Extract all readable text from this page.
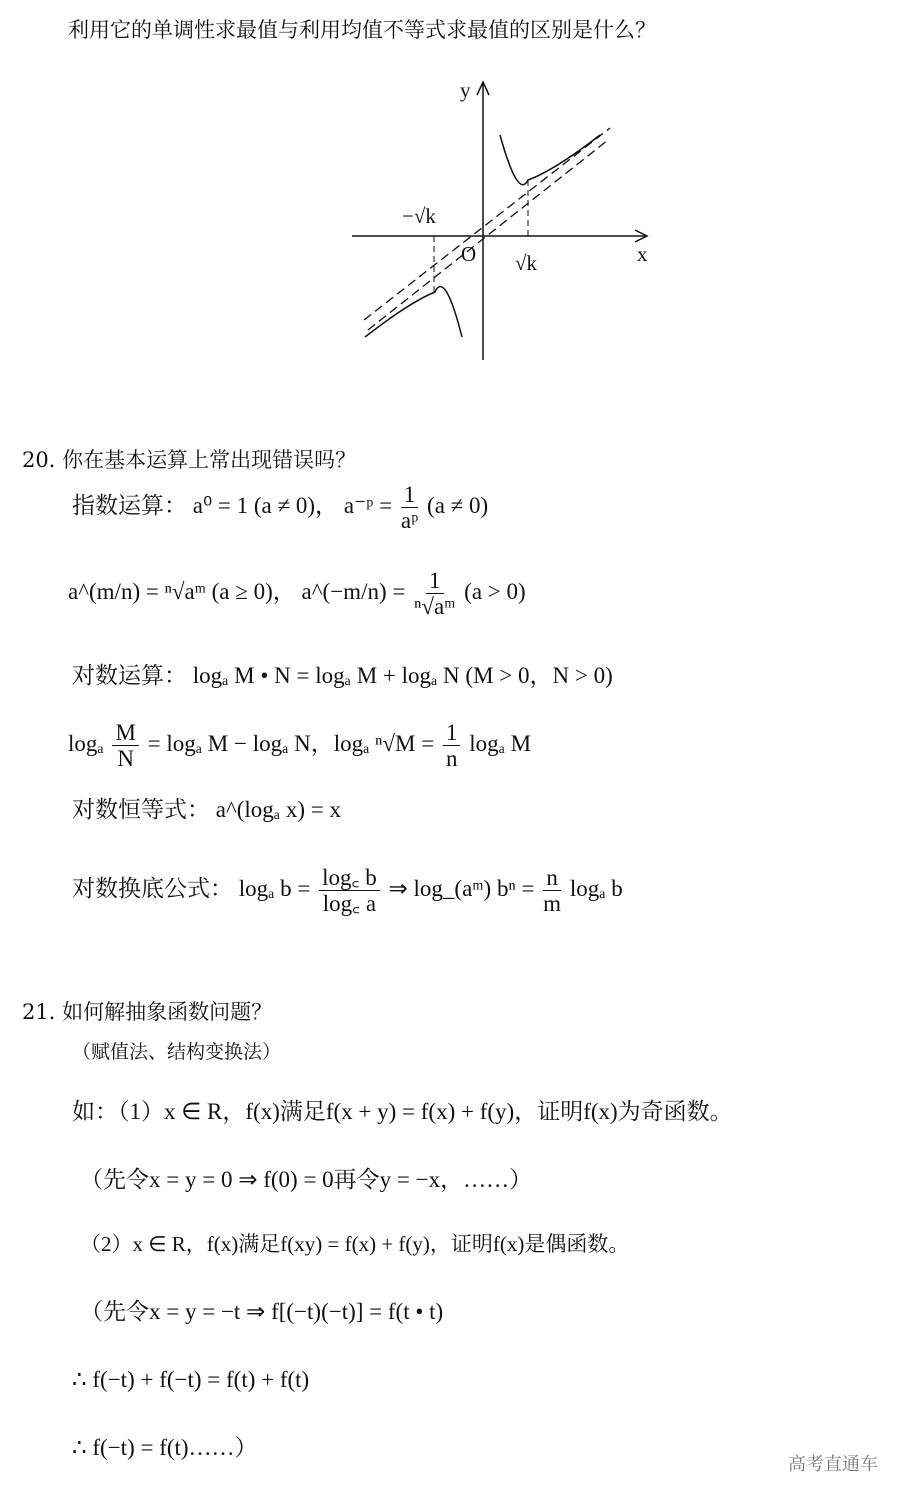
利用它的单调性求最值与利用均值不等式求最值的区别是什么？
y
x
O
−√k
√k
20. 你在基本运算上常出现错误吗？
指数运算： a⁰ = 1 (a ≠ 0)， a⁻ᵖ = $\frac{1}{\text{aᵖ}} (a \ne 0)$
a^(m/n) = ⁿ√aᵐ (a ≥ 0)， a^(−m/n) = $\frac{1}{\text{ⁿ√aᵐ}} (a > 0)$
对数运算： logₐ M • N = logₐ M + logₐ N (M > 0，N > 0)
logₐ $\frac{M}{N} = \log_a$ M − logₐ N，logₐ $^n√M = \frac{1}{n}$ logₐ M
对数恒等式： a^(logₐ x) = x
对数换底公式： logₐ $b = \frac{\log꜀ b}{\log꜀ a}$ ⇒ log_(aᵐ) $b^n = \frac{n}{m}$ logₐ b
21. 如何解抽象函数问题？
（赋值法、结构变换法）
如：（1）x ∈ R，f(x)满足f(x + y) = f(x) + f(y)，证明f(x)为奇函数。
（先令x = y = 0 ⇒ f(0) = 0再令y = −x，……）
（2）x ∈ R，f(x)满足f(xy) = f(x) + f(y)，证明f(x)是偶函数。
（先令x = y = −t ⇒ f[(−t)(−t)] = f(t • t)
∴ f(−t) + f(−t) = f(t) + f(t)
∴ f(−t) = f(t)……）
高考直通车
